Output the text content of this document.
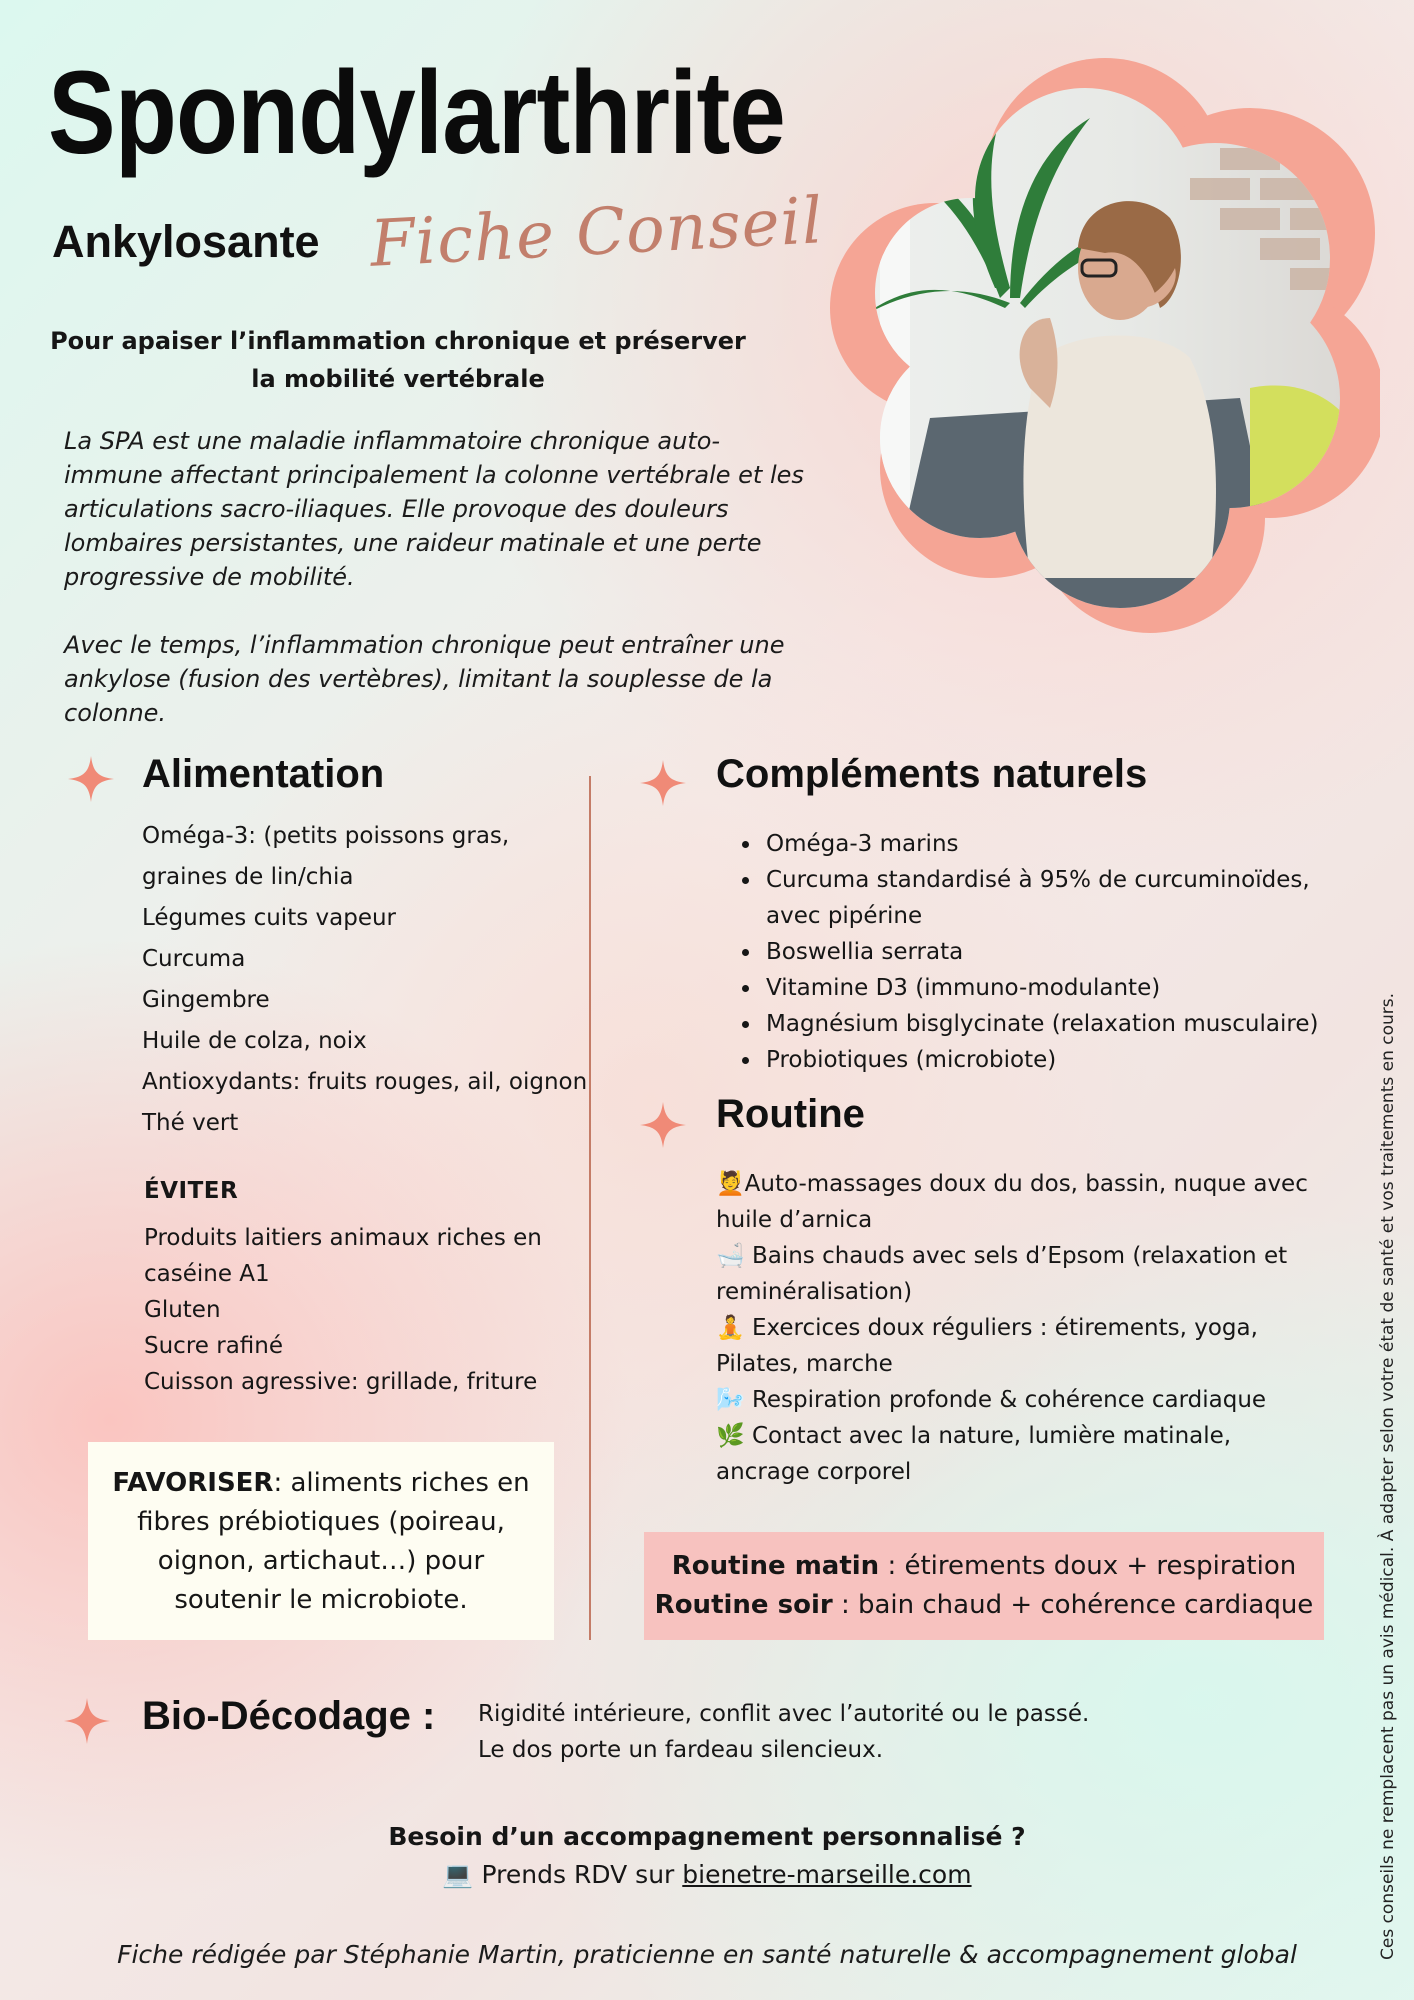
Spondylarthrite
Ankylosante Fiche Conseil
Pour apaiser l’inflammation chronique et préserver la mobilité vertébrale

La SPA est une maladie inflammatoire chronique auto-immune affectant principalement la colonne vertébrale et les articulations sacro-iliaques. Elle provoque des douleurs lombaires persistantes, une raideur matinale et une perte progressive de mobilité.

Avec le temps, l’inflammation chronique peut entraîner une ankylose (fusion des vertèbres), limitant la souplesse de la colonne.

Alimentation
Oméga-3: (petits poissons gras, graines de lin/chia
Légumes cuits vapeur
Curcuma
Gingembre
Huile de colza, noix
Antioxydants: fruits rouges, ail, oignon
Thé vert
ÉVITER
Produits laitiers animaux riches en caséine A1
Gluten
Sucre rafiné
Cuisson agressive: grillade, friture
FAVORISER: aliments riches en fibres prébiotiques (poireau, oignon, artichaut…) pour soutenir le microbiote.
Compléments naturels
• Oméga-3 marins
• Curcuma standardisé à 95% de curcuminoïdes, avec pipérine
• Boswellia serrata
• Vitamine D3 (immuno-modulante)
• Magnésium bisglycinate (relaxation musculaire)
• Probiotiques (microbiote)
Routine

💆Auto-massages doux du dos, bassin, nuque avec huile d’arnica

🛁 Bains chauds avec sels d’Epsom (relaxation et reminéralisation)

🧘 Exercices doux réguliers : étirements, yoga, Pilates, marche

🌬️ Respiration profonde & cohérence cardiaque

🌿 Contact avec la nature, lumière matinale, ancrage corporel

Routine matin : étirements doux + respiration
Routine soir : bain chaud + cohérence cardiaque
Bio-Décodage : Rigidité intérieure, conflit avec l’autorité ou le passé.
Le dos porte un fardeau silencieux.
Besoin d’un accompagnement personnalisé ?
💻 Prends RDV sur bienetre-marseille.com
Fiche rédigée par Stéphanie Martin, praticienne en santé naturelle & accompagnement global	Ces conseils ne remplacent pas un avis médical. À adapter selon votre état de santé et vos traitements en cours.
